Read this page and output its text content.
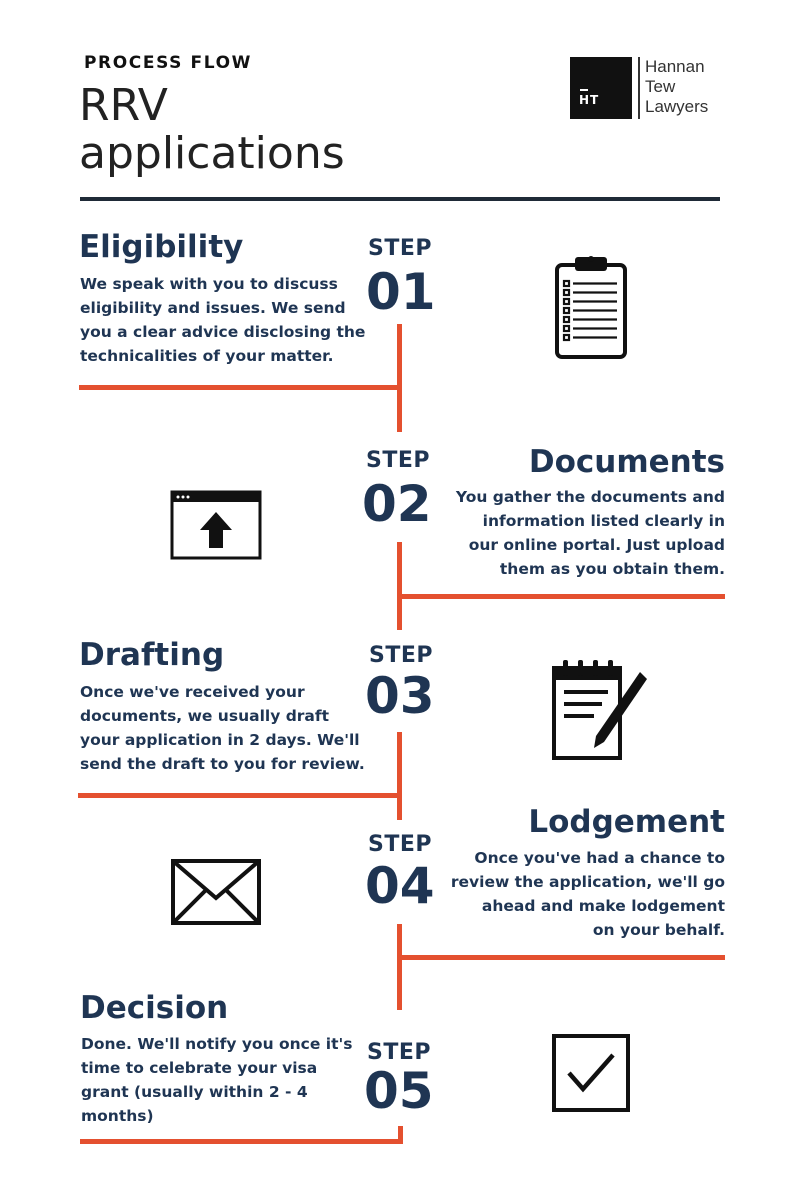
PROCESS FLOW
RRV
applications
HT
Hannan
Tew
Lawyers
Eligibility
We speak with you to discuss
eligibility and issues. We send
you a clear advice disclosing the
technicalities of your matter.
STEP
01
STEP
02
Documents
You gather the documents and
information listed clearly in
our online portal. Just upload
them as you obtain them.
Drafting
Once we've received your
documents, we usually draft
your application in 2 days. We'll
send the draft to you for review.
STEP
03
STEP
04
Lodgement
Once you've had a chance to
review the application, we'll go
ahead and make lodgement
on your behalf.
Decision
Done. We'll notify you once it's
time to celebrate your visa
grant (usually within 2 - 4
months)
STEP
05
